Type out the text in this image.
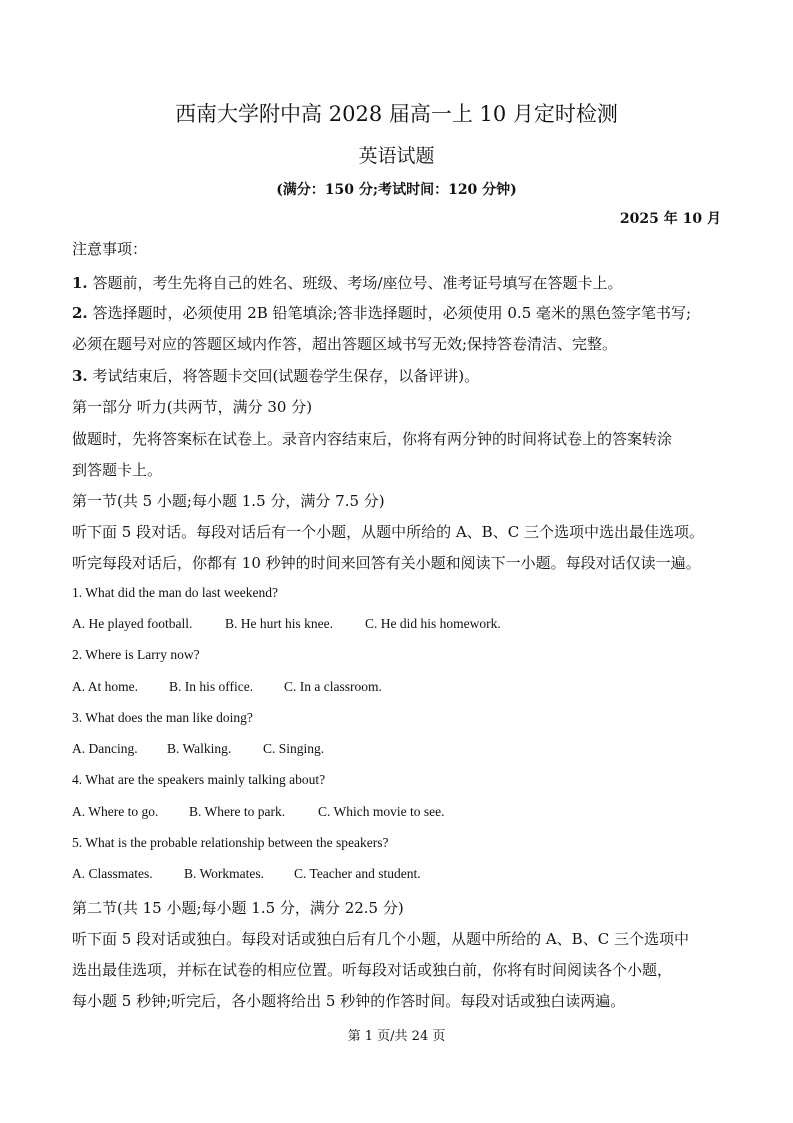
西南大学附中高 2028 届高一上 10 月定时检测
英语试题
(满分：150 分;考试时间：120 分钟)
2025 年 10 月
注意事项：
1. 答题前，考生先将自己的姓名、班级、考场/座位号、准考证号填写在答题卡上。
2. 答选择题时，必须使用 2B 铅笔填涂;答非选择题时，必须使用 0.5 毫米的黑色签字笔书写;
必须在题号对应的答题区域内作答，超出答题区域书写无效;保持答卷清洁、完整。
3. 考试结束后，将答题卡交回(试题卷学生保存，以备评讲)。
第一部分 听力(共两节，满分 30 分)
做题时，先将答案标在试卷上。录音内容结束后，你将有两分钟的时间将试卷上的答案转涂
到答题卡上。
第一节(共 5 小题;每小题 1.5 分，满分 7.5 分)
听下面 5 段对话。每段对话后有一个小题，从题中所给的 A、B、C 三个选项中选出最佳选项。
听完每段对话后，你都有 10 秒钟的时间来回答有关小题和阅读下一小题。每段对话仅读一遍。
1. What did the man do last weekend?
A. He played football. B. He hurt his knee. C. He did his homework.
2. Where is Larry now?
A. At home. B. In his office. C. In a classroom.
3. What does the man like doing?
A. Dancing. B. Walking. C. Singing.
4. What are the speakers mainly talking about?
A. Where to go. B. Where to park. C. Which movie to see.
5. What is the probable relationship between the speakers?
A. Classmates. B. Workmates. C. Teacher and student.
第二节(共 15 小题;每小题 1.5 分，满分 22.5 分)
听下面 5 段对话或独白。每段对话或独白后有几个小题，从题中所给的 A、B、C 三个选项中
选出最佳选项，并标在试卷的相应位置。听每段对话或独白前，你将有时间阅读各个小题，
每小题 5 秒钟;听完后，各小题将给出 5 秒钟的作答时间。每段对话或独白读两遍。
第 1 页/共 24 页
